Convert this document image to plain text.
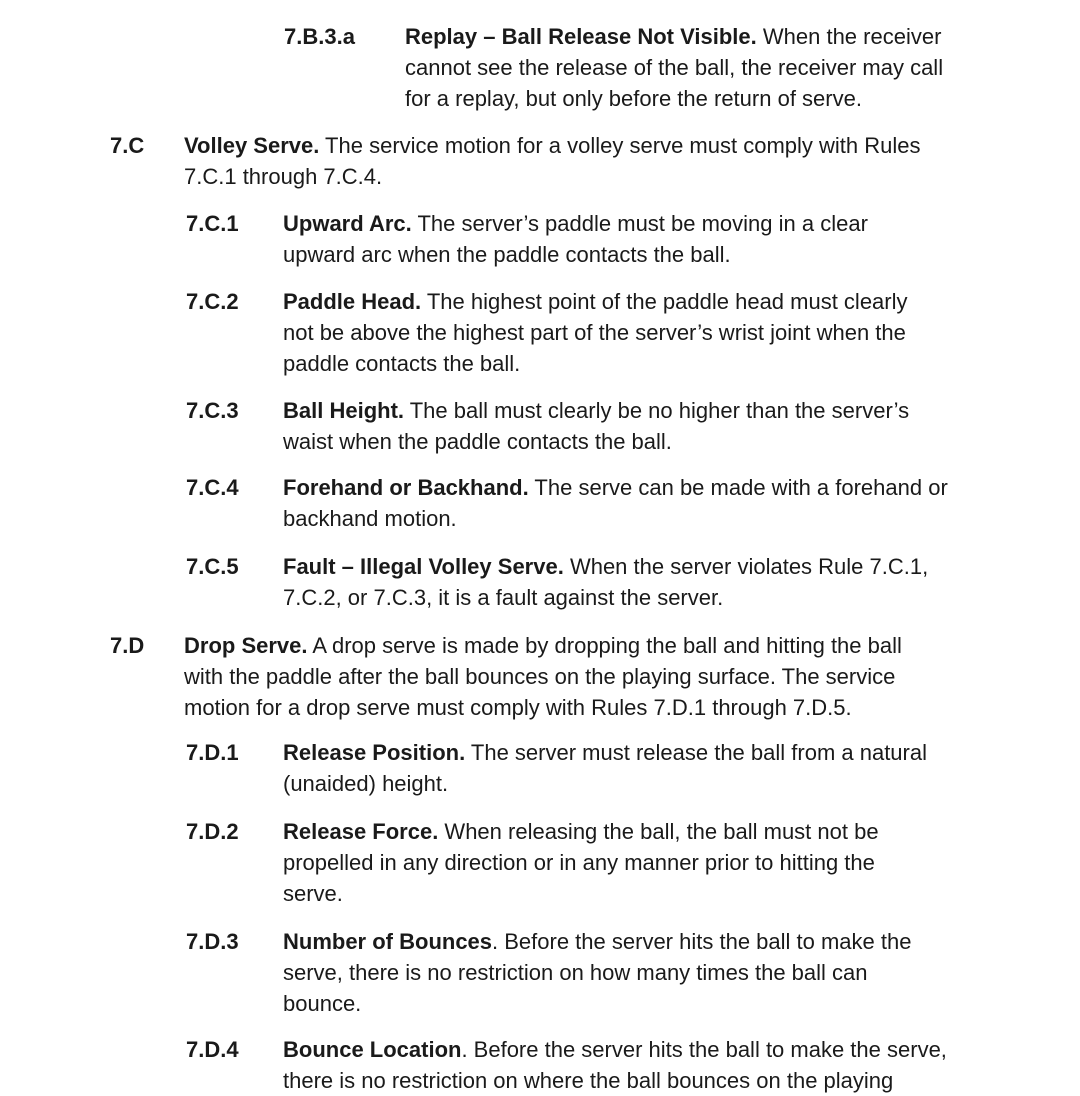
7.B.3.a Replay – Ball Release Not Visible. When the receiver
cannot see the release of the ball, the receiver may call
for a replay, but only before the return of serve.
7.C Volley Serve. The service motion for a volley serve must comply with Rules
7.C.1 through 7.C.4.
7.C.1 Upward Arc. The server’s paddle must be moving in a clear
upward arc when the paddle contacts the ball.
7.C.2 Paddle Head. The highest point of the paddle head must clearly
not be above the highest part of the server’s wrist joint when the
paddle contacts the ball.
7.C.3 Ball Height. The ball must clearly be no higher than the server’s
waist when the paddle contacts the ball.
7.C.4 Forehand or Backhand. The serve can be made with a forehand or
backhand motion.
7.C.5 Fault – Illegal Volley Serve. When the server violates Rule 7.C.1,
7.C.2, or 7.C.3, it is a fault against the server.
7.D Drop Serve. A drop serve is made by dropping the ball and hitting the ball
with the paddle after the ball bounces on the playing surface. The service
motion for a drop serve must comply with Rules 7.D.1 through 7.D.5.
7.D.1 Release Position. The server must release the ball from a natural
(unaided) height.
7.D.2 Release Force. When releasing the ball, the ball must not be
propelled in any direction or in any manner prior to hitting the
serve.
7.D.3 Number of Bounces. Before the server hits the ball to make the
serve, there is no restriction on how many times the ball can
bounce.
7.D.4 Bounce Location. Before the server hits the ball to make the serve,
there is no restriction on where the ball bounces on the playing
